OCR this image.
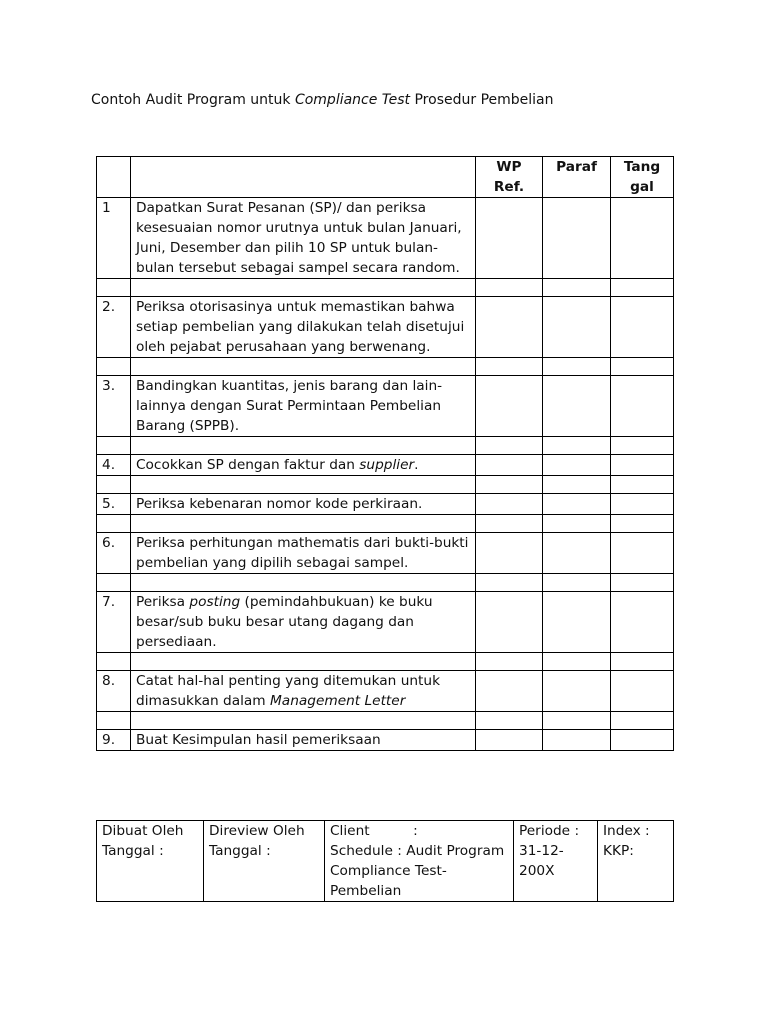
Contoh Audit Program untuk Compliance Test Prosedur Pembelian
		WP Ref.	Paraf	Tang gal
1	Dapatkan Surat Pesanan (SP)/ dan periksa kesesuaian nomor urutnya untuk bulan Januari, Juni, Desember dan pilih 10 SP untuk bulan-bulan tersebut sebagai sampel secara random.			

2.	Periksa otorisasinya untuk memastikan bahwa setiap pembelian yang dilakukan telah disetujui oleh pejabat perusahaan yang berwenang.			

3.	Bandingkan kuantitas, jenis barang dan lain-lainnya dengan Surat Permintaan Pembelian Barang (SPPB).			

4.	Cocokkan SP dengan faktur dan supplier.			

5.	Periksa kebenaran nomor kode perkiraan.			

6.	Periksa perhitungan mathematis dari bukti-bukti pembelian yang dipilih sebagai sampel.			

7.	Periksa posting (pemindahbukuan) ke buku besar/sub buku besar utang dagang dan persediaan.			

8.	Catat hal-hal penting yang ditemukan untuk dimasukkan dalam Management Letter			

9.	Buat Kesimpulan hasil pemeriksaan			
Dibuat Oleh
Tanggal :

Direview Oleh
Tanggal :

Client          :
Schedule : Audit Program Compliance Test-Pembelian

Periode : 31-12-200X

Index :
KKP:
